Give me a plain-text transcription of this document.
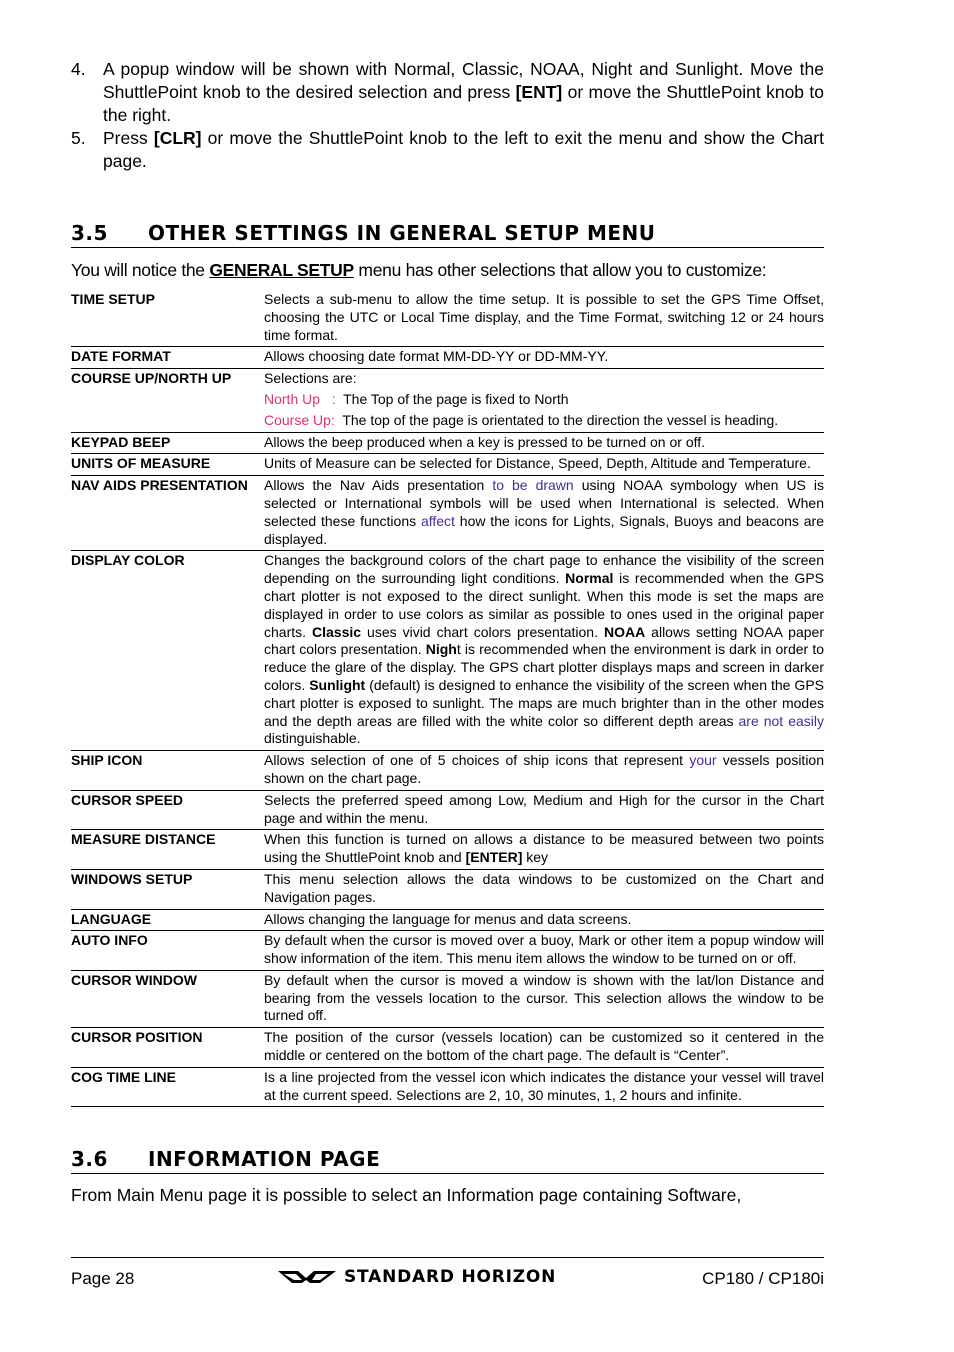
4. A popup window will be shown with Normal, Classic, NOAA, Night and Sunlight. Move the ShuttlePoint knob to the desired selection and press [ENT] or move the ShuttlePoint knob to the right.
5. Press [CLR] or move the ShuttlePoint knob to the left to exit the menu and show the Chart page.
3.5	OTHER SETTINGS IN GENERAL SETUP MENU
You will notice the GENERAL SETUP menu has other selections that allow you to customize:
TIME SETUP	Selects a sub-menu to allow the time setup. It is possible to set the GPS Time Offset, choosing the UTC or Local Time display, and the Time Format, switching 12 or 24 hours time format.
DATE FORMAT	Allows choosing date format MM-DD-YY or DD-MM-YY.
COURSE UP/NORTH UP	Selections are:
North Up   :  The Top of the page is fixed to North
Course Up:  The top of the page is orientated to the direction the vessel is heading.

KEYPAD BEEP	Allows the beep produced when a key is pressed to be turned on or off.
UNITS OF MEASURE	Units of Measure can be selected for Distance, Speed, Depth, Altitude and Temperature.
NAV AIDS PRESENTATION	Allows the Nav Aids presentation to be drawn using NOAA symbology when US is selected or International symbols will be used when International is selected. When selected these functions affect how the icons for Lights, Signals, Buoys and beacons are displayed.
DISPLAY COLOR	Changes the background colors of the chart page to enhance the visibility of the screen depending on the surrounding light conditions. Normal is recommended when the GPS chart plotter is not exposed to the direct sunlight. When this mode is set the maps are displayed in order to use colors as similar as possible to ones used in the original paper charts. Classic uses vivid chart colors presentation. NOAA allows setting NOAA paper chart colors presentation. Night is recommended when the environment is dark in order to reduce the glare of the display. The GPS chart plotter displays maps and screen in darker colors. Sunlight (default) is designed to enhance the visibility of the screen when the GPS chart plotter is exposed to sunlight. The maps are much brighter than in the other modes and the depth areas are filled with the white color so different depth areas are not easily distinguishable.
SHIP ICON	Allows selection of one of 5 choices of ship icons that represent your vessels position shown on the chart page.
CURSOR SPEED	Selects the preferred speed among Low, Medium and High for the cursor in the Chart page and within the menu.
MEASURE DISTANCE	When this function is turned on allows a distance to be measured between two points using the ShuttlePoint knob and [ENTER] key
WINDOWS SETUP	This menu selection allows the data windows to be customized on the Chart and Navigation pages.
LANGUAGE	Allows changing the language for menus and data screens.
AUTO INFO	By default when the cursor is moved over a buoy, Mark or other item a popup window will show information of the item. This menu item allows the window to be turned on or off.
CURSOR WINDOW	By default when the cursor is moved a window is shown with the lat/lon Distance and bearing from the vessels location to the cursor. This selection allows the window to be turned off.
CURSOR POSITION	The position of the cursor (vessels location) can be customized so it centered in the middle or centered on the bottom of the chart page. The default is “Center”.
COG TIME LINE	Is a line projected from the vessel icon which indicates the distance your vessel will travel at the current speed. Selections are 2, 10, 30 minutes, 1, 2 hours and infinite.
3.6	INFORMATION PAGE
From Main Menu page it is possible to select an Information page containing Software,
Page 28	STANDARD HORIZON	CP180 / CP180i
